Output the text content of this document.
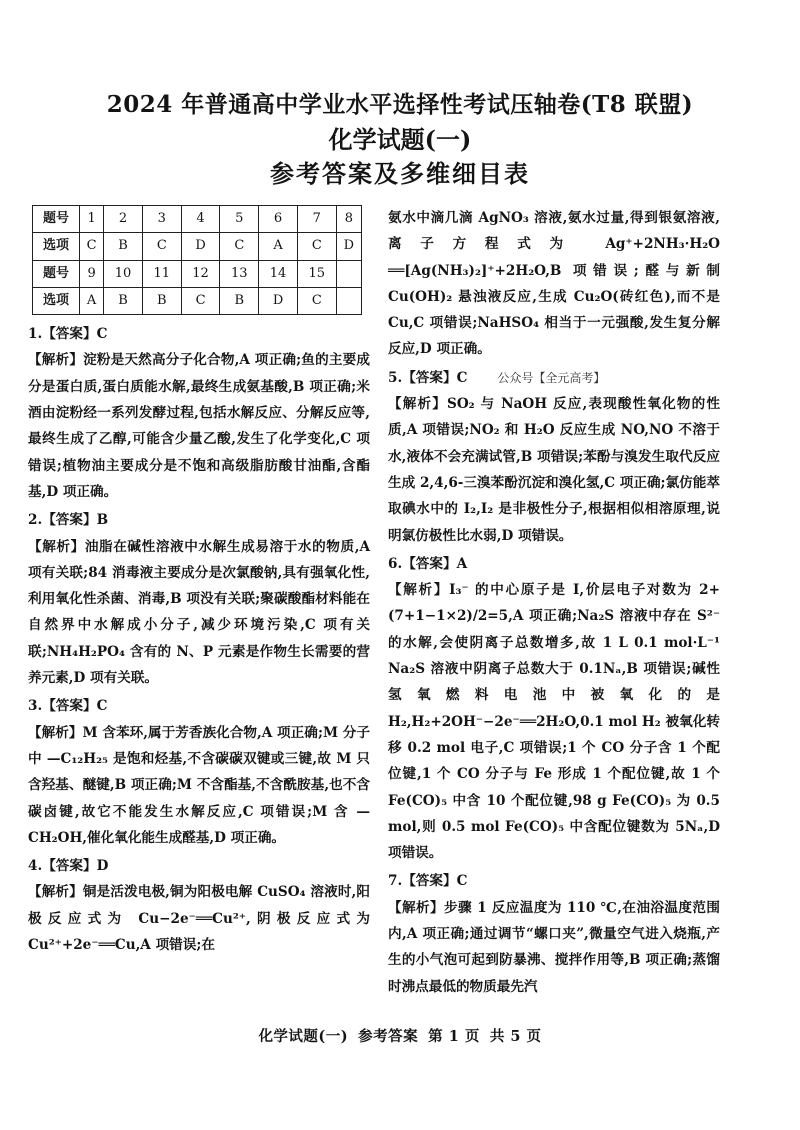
2024 年普通高中学业水平选择性考试压轴卷(T8 联盟)
化学试题(一)
参考答案及多维细目表
题号	1	2	3	4	5	6	7	8
选项	C	B	C	D	C	A	C	D
题号	9	10	11	12	13	14	15	
选项	A	B	B	C	B	D	C	
1.【答案】C

【解析】淀粉是天然高分子化合物,A 项正确;鱼的主要成分是蛋白质,蛋白质能水解,最终生成氨基酸,B 项正确;米酒由淀粉经一系列发酵过程,包括水解反应、分解反应等,最终生成了乙醇,可能含少量乙酸,发生了化学变化,C 项错误;植物油主要成分是不饱和高级脂肪酸甘油酯,含酯基,D 项正确。

2.【答案】B

【解析】油脂在碱性溶液中水解生成易溶于水的物质,A 项有关联;84 消毒液主要成分是次氯酸钠,具有强氧化性,利用氧化性杀菌、消毒,B 项没有关联;聚碳酸酯材料能在自然界中水解成小分子,减少环境污染,C 项有关联;NH₄H₂PO₄ 含有的 N、P 元素是作物生长需要的营养元素,D 项有关联。

3.【答案】C

【解析】M 含苯环,属于芳香族化合物,A 项正确;M 分子中 —C₁₂H₂₅ 是饱和烃基,不含碳碳双键或三键,故 M 只含羟基、醚键,B 项正确;M 不含酯基,不含酰胺基,也不含碳卤键,故它不能发生水解反应,C 项错误;M 含 —CH₂OH,催化氧化能生成醛基,D 项正确。

4.【答案】D

【解析】铜是活泼电极,铜为阳极电解 CuSO₄ 溶液时,阳极反应式为 Cu−2e⁻══Cu²⁺,阴极反应式为 Cu²⁺+2e⁻══Cu,A 项错误;在

氨水中滴几滴 AgNO₃ 溶液,氨水过量,得到银氨溶液,离子方程式为 Ag⁺+2NH₃·H₂O ══[Ag(NH₃)₂]⁺+2H₂O,B 项错误;醛与新制 Cu(OH)₂ 悬浊液反应,生成 Cu₂O(砖红色),而不是 Cu,C 项错误;NaHSO₄ 相当于一元强酸,发生复分解反应,D 项正确。

5.【答案】C	公众号【全元高考】

【解析】SO₂ 与 NaOH 反应,表现酸性氧化物的性质,A 项错误;NO₂ 和 H₂O 反应生成 NO,NO 不溶于水,液体不会充满试管,B 项错误;苯酚与溴发生取代反应生成 2,4,6-三溴苯酚沉淀和溴化氢,C 项正确;氯仿能萃取碘水中的 I₂,I₂ 是非极性分子,根据相似相溶原理,说明氯仿极性比水弱,D 项错误。

6.【答案】A

【解析】I₃⁻ 的中心原子是 I,价层电子对数为 2+(7+1−1×2)/2=5,A 项正确;Na₂S 溶液中存在 S²⁻ 的水解,会使阴离子总数增多,故 1 L 0.1 mol·L⁻¹ Na₂S 溶液中阴离子总数大于 0.1Nₐ,B 项错误;碱性氢氧燃料电池中被氧化的是 H₂,H₂+2OH⁻−2e⁻══2H₂O,0.1 mol H₂ 被氧化转移 0.2 mol 电子,C 项错误;1 个 CO 分子含 1 个配位键,1 个 CO 分子与 Fe 形成 1 个配位键,故 1 个 Fe(CO)₅ 中含 10 个配位键,98 g Fe(CO)₅ 为 0.5 mol,则 0.5 mol Fe(CO)₅ 中含配位键数为 5Nₐ,D 项错误。

7.【答案】C

【解析】步骤 1 反应温度为 110 ℃,在油浴温度范围内,A 项正确;通过调节“螺口夹”,微量空气进入烧瓶,产生的小气泡可起到防暴沸、搅拌作用等,B 项正确;蒸馏时沸点最低的物质最先汽

化学试题(一) 参考答案 第 1 页 共 5 页
